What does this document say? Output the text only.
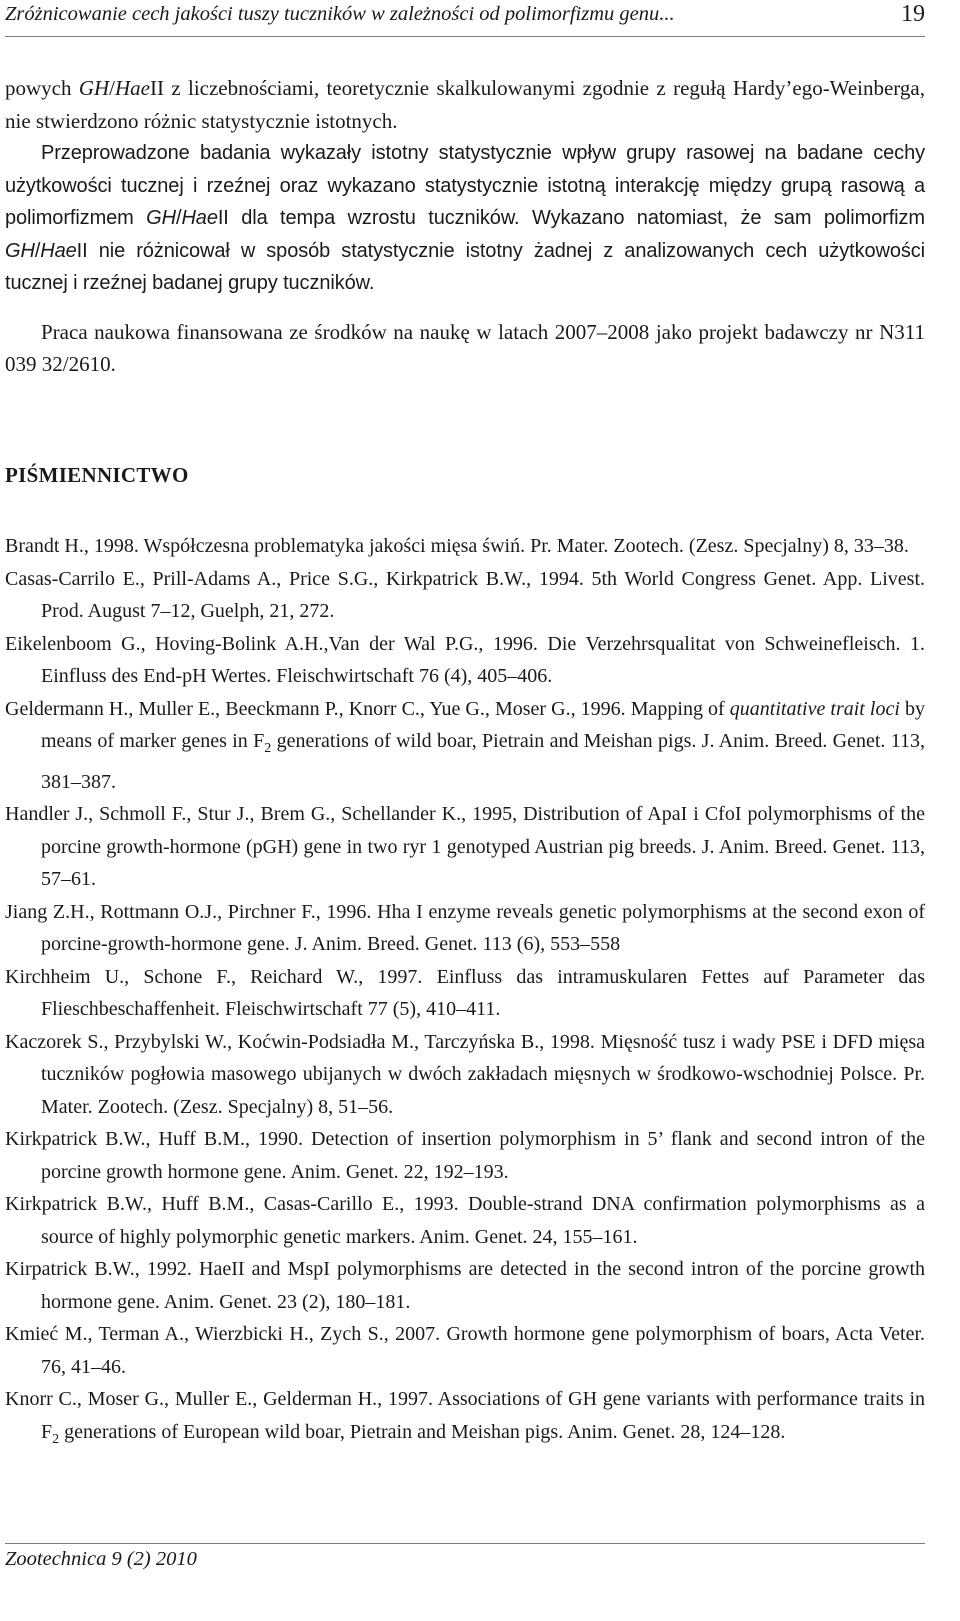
Zróżnicowanie cech jakości tuszy tuczników w zależności od polimorfizmu genu...	19

powych GH/HaeII z liczebnościami, teoretycznie skalkulowanymi zgodnie z regułą Hardy’ego-Weinberga, nie stwierdzono różnic statystycznie istotnych.

Przeprowadzone badania wykazały istotny statystycznie wpływ grupy rasowej na badane cechy użytkowości tucznej i rzeźnej oraz wykazano statystycznie istotną interakcję między grupą rasową a polimorfizmem GH/HaeII dla tempa wzrostu tuczników. Wykazano natomiast, że sam polimorfizm GH/HaeII nie różnicował w sposób statystycznie istotny żadnej z analizowanych cech użytkowości tucznej i rzeźnej badanej grupy tuczników.

Praca naukowa finansowana ze środków na naukę w latach 2007–2008 jako projekt badawczy nr N311 039 32/2610.

PIŚMIENNICTWO

Brandt H., 1998. Współczesna problematyka jakości mięsa świń. Pr. Mater. Zootech. (Zesz. Specjalny) 8, 33–38.

Casas-Carrilo E., Prill-Adams A., Price S.G., Kirkpatrick B.W., 1994. 5th World Congress Genet. App. Livest. Prod. August 7–12, Guelph, 21, 272.

Eikelenboom G., Hoving-Bolink A.H.,Van der Wal P.G., 1996. Die Verzehrsqualitat von Schweinefleisch. 1. Einfluss des End-pH Wertes. Fleischwirtschaft 76 (4), 405–406.

Geldermann H., Muller E., Beeckmann P., Knorr C., Yue G., Moser G., 1996. Mapping of quantitative trait loci by means of marker genes in $F_2$ generations of wild boar, Pietrain and Meishan pigs. J. Anim. Breed. Genet. 113, 381–387.

Handler J., Schmoll F., Stur J., Brem G., Schellander K., 1995, Distribution of ApaI i CfoI polymorphisms of the porcine growth-hormone (pGH) gene in two ryr 1 genotyped Austrian pig breeds. J. Anim. Breed. Genet. 113, 57–61.

Jiang Z.H., Rottmann O.J., Pirchner F., 1996. Hha I enzyme reveals genetic polymorphisms at the second exon of porcine-growth-hormone gene. J. Anim. Breed. Genet. 113 (6), 553–558

Kirchheim U., Schone F., Reichard W., 1997. Einfluss das intramuskularen Fettes auf Parameter das Flieschbeschaffenheit. Fleischwirtschaft 77 (5), 410–411.

Kaczorek S., Przybylski W., Koćwin-Podsiadła M., Tarczyńska B., 1998. Mięsność tusz i wady PSE i DFD mięsa tuczników pogłowia masowego ubijanych w dwóch zakładach mięsnych w środkowo-wschodniej Polsce. Pr. Mater. Zootech. (Zesz. Specjalny) 8, 51–56.

Kirkpatrick B.W., Huff B.M., 1990. Detection of insertion polymorphism in 5’ flank and second intron of the porcine growth hormone gene. Anim. Genet. 22, 192–193.

Kirkpatrick B.W., Huff B.M., Casas-Carillo E., 1993. Double-strand DNA confirmation polymorphisms as a source of highly polymorphic genetic markers. Anim. Genet. 24, 155–161.

Kirpatrick B.W., 1992. HaeII and MspI polymorphisms are detected in the second intron of the porcine growth hormone gene. Anim. Genet. 23 (2), 180–181.

Kmieć M., Terman A., Wierzbicki H., Zych S., 2007. Growth hormone gene polymorphism of boars, Acta Veter. 76, 41–46.

Knorr C., Moser G., Muller E., Gelderman H., 1997. Associations of GH gene variants with performance traits in $F_2$ generations of European wild boar, Pietrain and Meishan pigs. Anim. Genet. 28, 124–128.

Zootechnica 9 (2) 2010
